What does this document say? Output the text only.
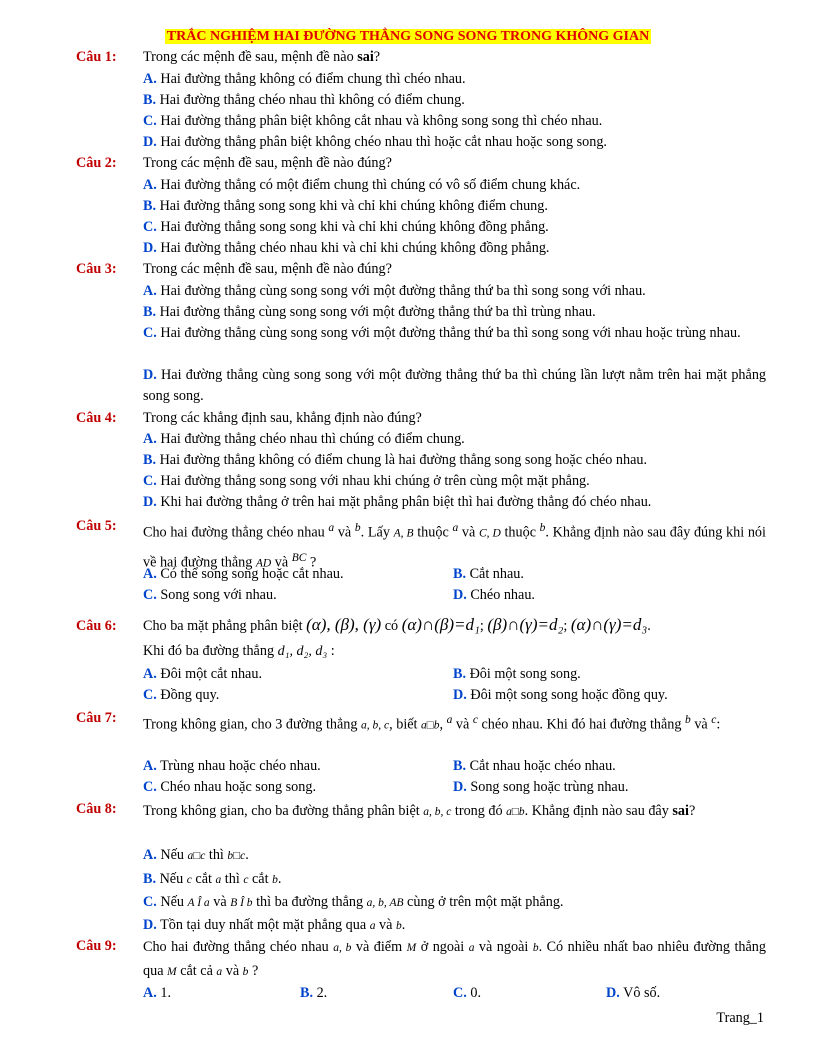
TRẮC NGHIỆM HAI ĐƯỜNG THẲNG SONG SONG TRONG KHÔNG GIAN
Câu 1: Trong các mệnh đề sau, mệnh đề nào sai?
A. Hai đường thẳng không có điểm chung thì chéo nhau.
B. Hai đường thẳng chéo nhau thì không có điểm chung.
C. Hai đường thẳng phân biệt không cắt nhau và không song song thì chéo nhau.
D. Hai đường thẳng phân biệt không chéo nhau thì hoặc cắt nhau hoặc song song.
Câu 2: Trong các mệnh đề sau, mệnh đề nào đúng?
A. Hai đường thẳng có một điểm chung thì chúng có vô số điểm chung khác.
B. Hai đường thẳng song song khi và chỉ khi chúng không điểm chung.
C. Hai đường thẳng song song khi và chỉ khi chúng không đồng phẳng.
D. Hai đường thẳng chéo nhau khi và chỉ khi chúng không đồng phẳng.
Câu 3: Trong các mệnh đề sau, mệnh đề nào đúng?
A. Hai đường thẳng cùng song song với một đường thẳng thứ ba thì song song với nhau.
B. Hai đường thẳng cùng song song với một đường thẳng thứ ba thì trùng nhau.
C. Hai đường thẳng cùng song song với một đường thẳng thứ ba thì song song với nhau hoặc trùng nhau.
D. Hai đường thẳng cùng song song với một đường thẳng thứ ba thì chúng lần lượt nằm trên hai mặt phẳng song song.
Câu 4: Trong các khẳng định sau, khẳng định nào đúng?
A. Hai đường thẳng chéo nhau thì chúng có điểm chung.
B. Hai đường thẳng không có điểm chung là hai đường thẳng song song hoặc chéo nhau.
C. Hai đường thẳng song song với nhau khi chúng ở trên cùng một mặt phẳng.
D. Khi hai đường thẳng ở trên hai mặt phẳng phân biệt thì hai đường thẳng đó chéo nhau.
Câu 5: Cho hai đường thẳng chéo nhau $^a$ và $^b$. Lấy A, B thuộc $^a$ và C, D thuộc $^b$. Khẳng định nào sau đây đúng khi nói về hai đường thẳng AD và $^{BC}$ ?
A. Có thể song song hoặc cắt nhau.	B. Cắt nhau.
C. Song song với nhau.	D. Chéo nhau.
Câu 6: Cho ba mặt phẳng phân biệt (α), (β), (γ) có (α)∩(β)=d₁; (β)∩(γ)=d₂; (α)∩(γ)=d₃.
Khi đó ba đường thẳng d₁, d₂, d₃ :
A. Đôi một cắt nhau.	B. Đôi một song song.
C. Đồng quy.	D. Đôi một song song hoặc đồng quy.
Câu 7: Trong không gian, cho 3 đường thẳng a, b, c, biết a□b, $^a$ và $^c$ chéo nhau. Khi đó hai đường thẳng $^b$ và $^c$:
A. Trùng nhau hoặc chéo nhau.	B. Cắt nhau hoặc chéo nhau.
C. Chéo nhau hoặc song song.	D. Song song hoặc trùng nhau.
Câu 8: Trong không gian, cho ba đường thẳng phân biệt a, b, c trong đó a□b. Khẳng định nào sau đây sai?
A. Nếu a□c thì b□c.
B. Nếu c cắt a thì c cắt b.
C. Nếu A Î a và B Î b thì ba đường thẳng a, b, AB cùng ở trên một mặt phẳng.
D. Tồn tại duy nhất một mặt phẳng qua a và b.
Câu 9: Cho hai đường thẳng chéo nhau a, b và điểm M ở ngoài a và ngoài b. Có nhiều nhất bao nhiêu đường thẳng qua M cắt cả a và b ?
A. 1.	B. 2.	C. 0.	D. Vô số.
Trang_1
